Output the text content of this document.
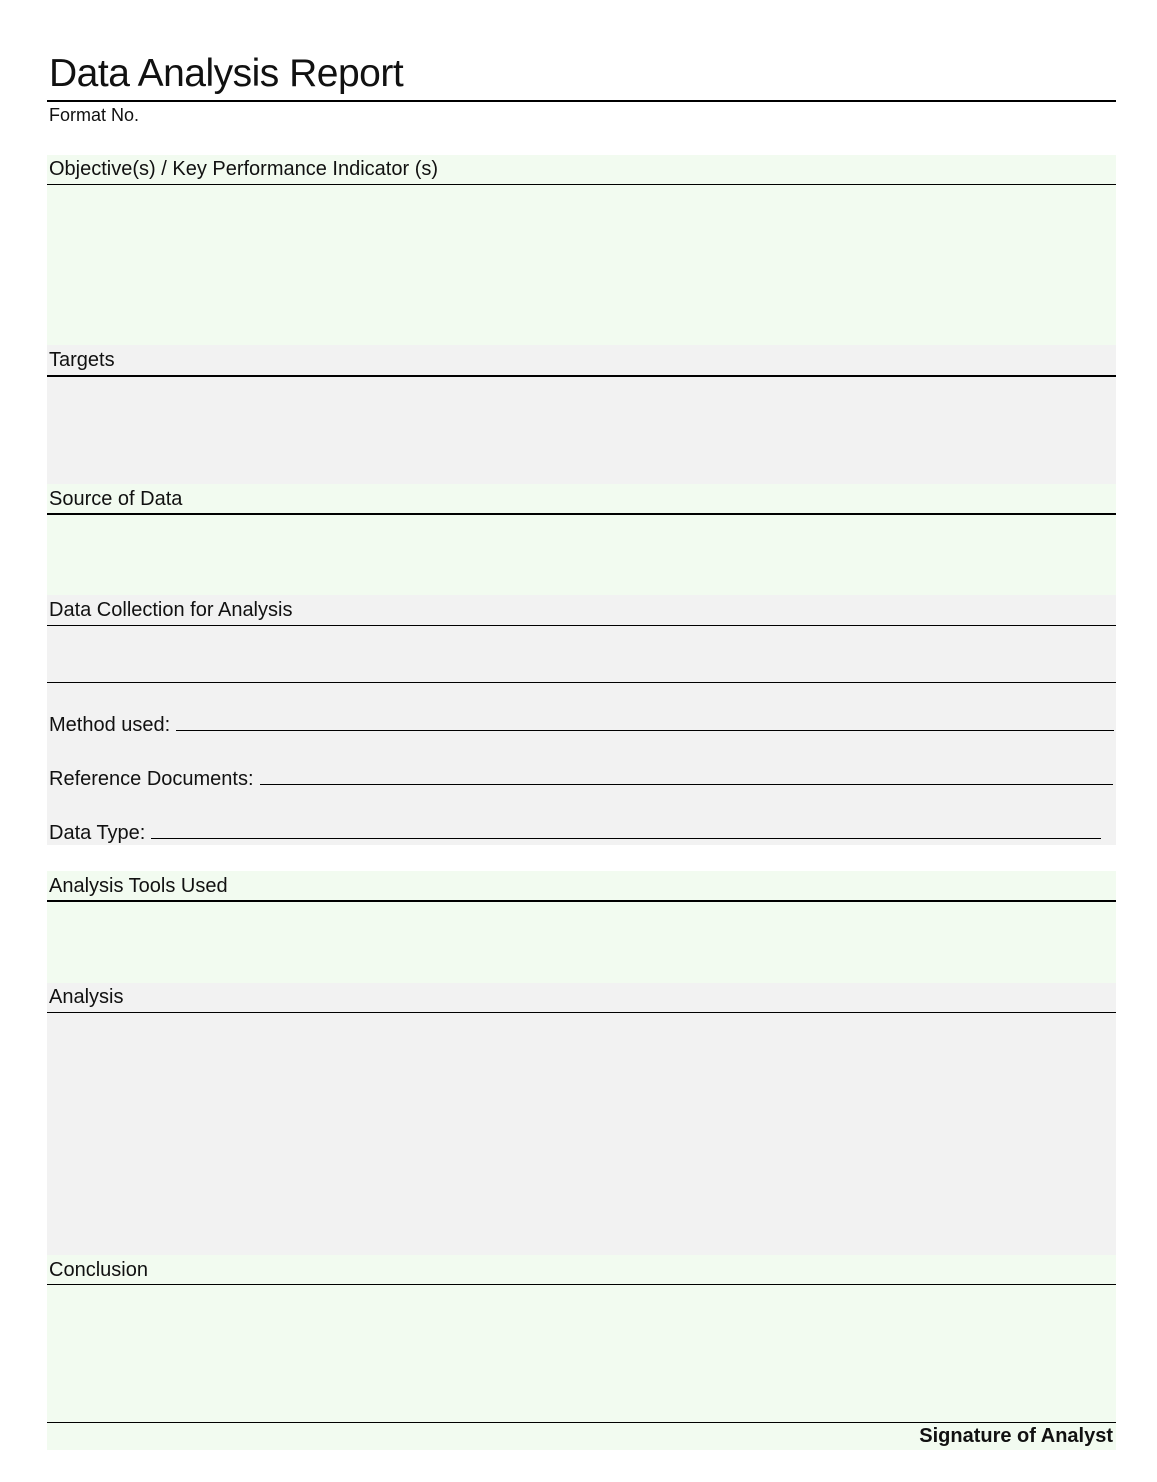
Data Analysis Report
Format No.
Objective(s) / Key Performance Indicator (s)
Targets
Source of Data
Data Collection for Analysis
Method used:
Reference Documents:
Data Type:
Analysis Tools Used
Analysis
Conclusion
Signature of Analyst
